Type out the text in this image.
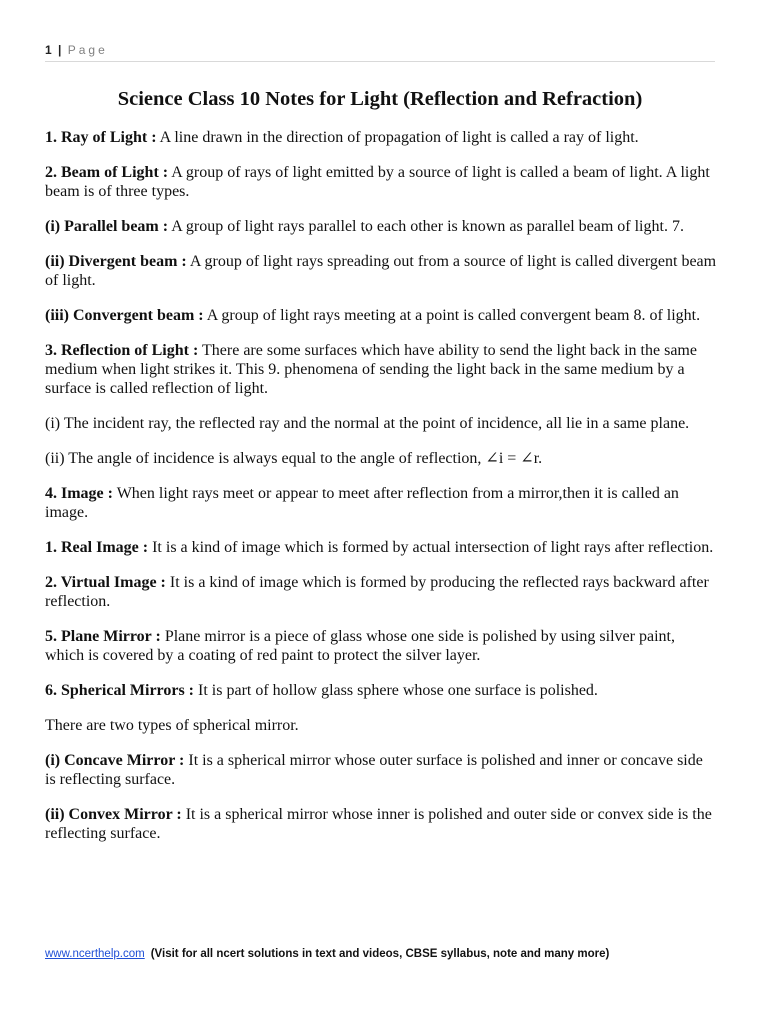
1 | Page
Science Class 10 Notes for Light (Reflection and Refraction)

1. Ray of Light : A line drawn in the direction of propagation of light is called a ray of light.

2. Beam of Light : A group of rays of light emitted by a source of light is called a beam of light. A light beam is of three types.

(i) Parallel beam : A group of light rays parallel to each other is known as parallel beam of light. 7.

(ii) Divergent beam : A group of light rays spreading out from a source of light is called divergent beam of light.

(iii) Convergent beam : A group of light rays meeting at a point is called convergent beam 8. of light.

3. Reflection of Light : There are some surfaces which have ability to send the light back in the same medium when light strikes it. This 9. phenomena of sending the light back in the same medium by a surface is called reflection of light.

(i) The incident ray, the reflected ray and the normal at the point of incidence, all lie in a same plane.

(ii) The angle of incidence is always equal to the angle of reflection, ∠i = ∠r.

4. Image : When light rays meet or appear to meet after reflection from a mirror,then it is called an image.

1. Real Image : It is a kind of image which is formed by actual intersection of light rays after reflection.

2. Virtual Image : It is a kind of image which is formed by producing the reflected rays backward after reflection.

5. Plane Mirror : Plane mirror is a piece of glass whose one side is polished by using silver paint, which is covered by a coating of red paint to protect the silver layer.

6. Spherical Mirrors : It is part of hollow glass sphere whose one surface is polished.

There are two types of spherical mirror.

(i) Concave Mirror : It is a spherical mirror whose outer surface is polished and inner or concave side is reflecting surface.

(ii) Convex Mirror : It is a spherical mirror whose inner is polished and outer side or convex side is the reflecting surface.

www.ncerthelp.com (Visit for all ncert solutions in text and videos, CBSE syllabus, note and many more)
